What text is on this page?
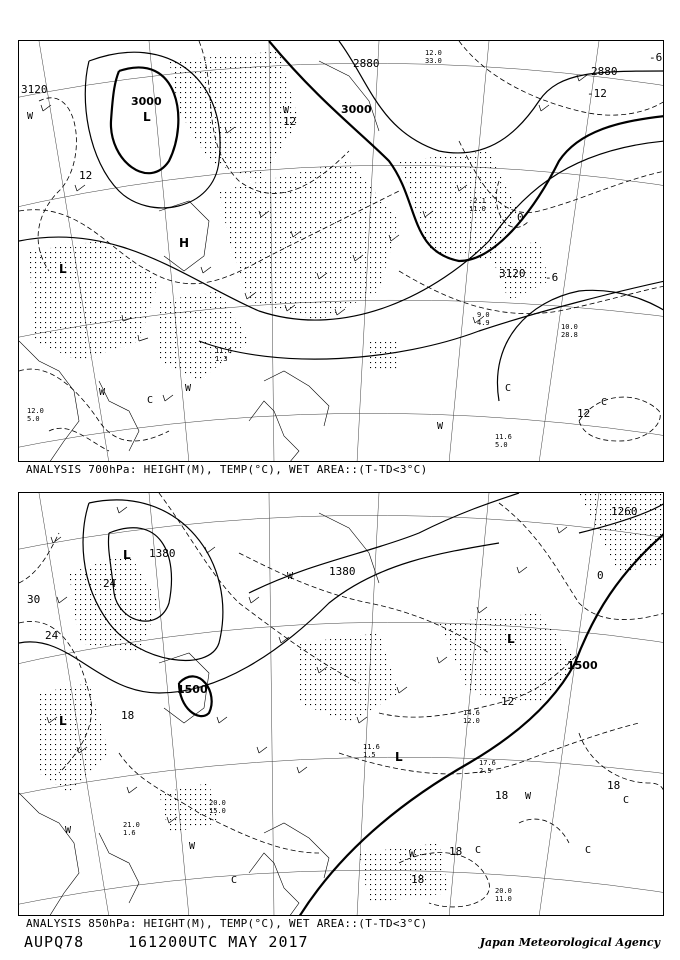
3120
3000
2880
3000
2880
3120
12
-12
0
-6
12
-6
12
L
H
L
W
W
W	W
C
C
C
W
12.0
33.0
-2.1
11.0
9.0
4.9	10.0
28.8
11.6
1.3
11.6
5.0
12.0
5.0
ANALYSIS 700hPa: HEIGHT(M), TEMP(°C), WET AREA::(T-TD<3°C)
1380
1380
1500
1500
1260
30
24
24
18
12
18
18
18
0
18
L
L
L
L
W
W
W
W
W
C
C	C
C
21.0
1.6
17.6
2.5
20.0
11.0
14.6
12.0
11.6
1.5
20.0
15.0
ANALYSIS 850hPa: HEIGHT(M), TEMP(°C), WET AREA::(T-TD<3°C)
AUPQ78	161200UTC MAY 2017	Japan Meteorological Agency
